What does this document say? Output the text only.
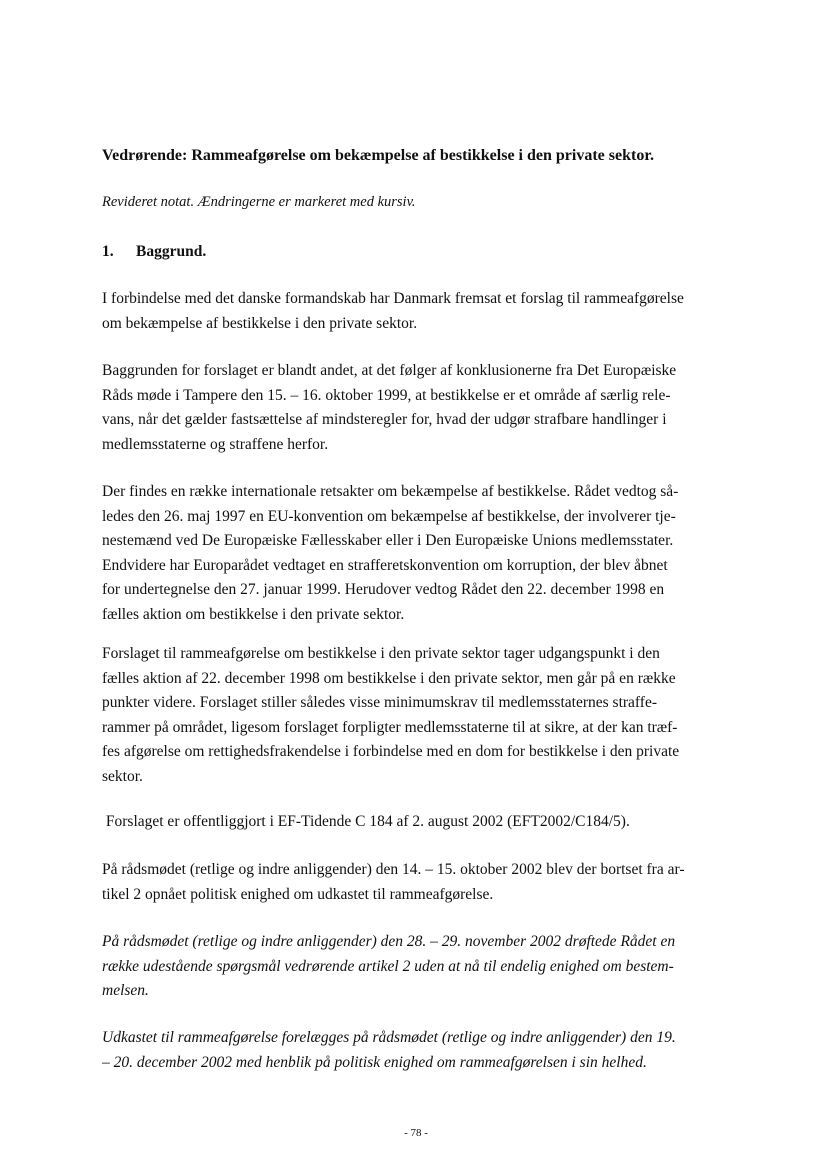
Vedrørende: Rammeafgørelse om bekæmpelse af bestikkelse i den private sektor.
Revideret notat. Ændringerne er markeret med kursiv.
1. Baggrund.
I forbindelse med det danske formandskab har Danmark fremsat et forslag til rammeafgørelse
om bekæmpelse af bestikkelse i den private sektor.
Baggrunden for forslaget er blandt andet, at det følger af konklusionerne fra Det Europæiske
Råds møde i Tampere den 15. – 16. oktober 1999, at bestikkelse er et område af særlig rele-
vans, når det gælder fastsættelse af mindsteregler for, hvad der udgør strafbare handlinger i
medlemsstaterne og straffene herfor.
Der findes en række internationale retsakter om bekæmpelse af bestikkelse. Rådet vedtog så-
ledes den 26. maj 1997 en EU-konvention om bekæmpelse af bestikkelse, der involverer tje-
nestemænd ved De Europæiske Fællesskaber eller i Den Europæiske Unions medlemsstater.
Endvidere har Europarådet vedtaget en strafferetskonvention om korruption, der blev åbnet
for undertegnelse den 27. januar 1999. Herudover vedtog Rådet den 22. december 1998 en
fælles aktion om bestikkelse i den private sektor.
Forslaget til rammeafgørelse om bestikkelse i den private sektor tager udgangspunkt i den
fælles aktion af 22. december 1998 om bestikkelse i den private sektor, men går på en række
punkter videre. Forslaget stiller således visse minimumskrav til medlemsstaternes straffe-
rammer på området, ligesom forslaget forpligter medlemsstaterne til at sikre, at der kan træf-
fes afgørelse om rettighedsfrakendelse i forbindelse med en dom for bestikkelse i den private
sektor.
Forslaget er offentliggjort i EF-Tidende C 184 af 2. august 2002 (EFT2002/C184/5).
På rådsmødet (retlige og indre anliggender) den 14. – 15. oktober 2002 blev der bortset fra ar-
tikel 2 opnået politisk enighed om udkastet til rammeafgørelse.
På rådsmødet (retlige og indre anliggender) den 28. – 29. november 2002 drøftede Rådet en
række udestående spørgsmål vedrørende artikel 2 uden at nå til endelig enighed om bestem-
melsen.
Udkastet til rammeafgørelse forelægges på rådsmødet (retlige og indre anliggender) den 19.
– 20. december 2002 med henblik på politisk enighed om rammeafgørelsen i sin helhed.
- 78 -
